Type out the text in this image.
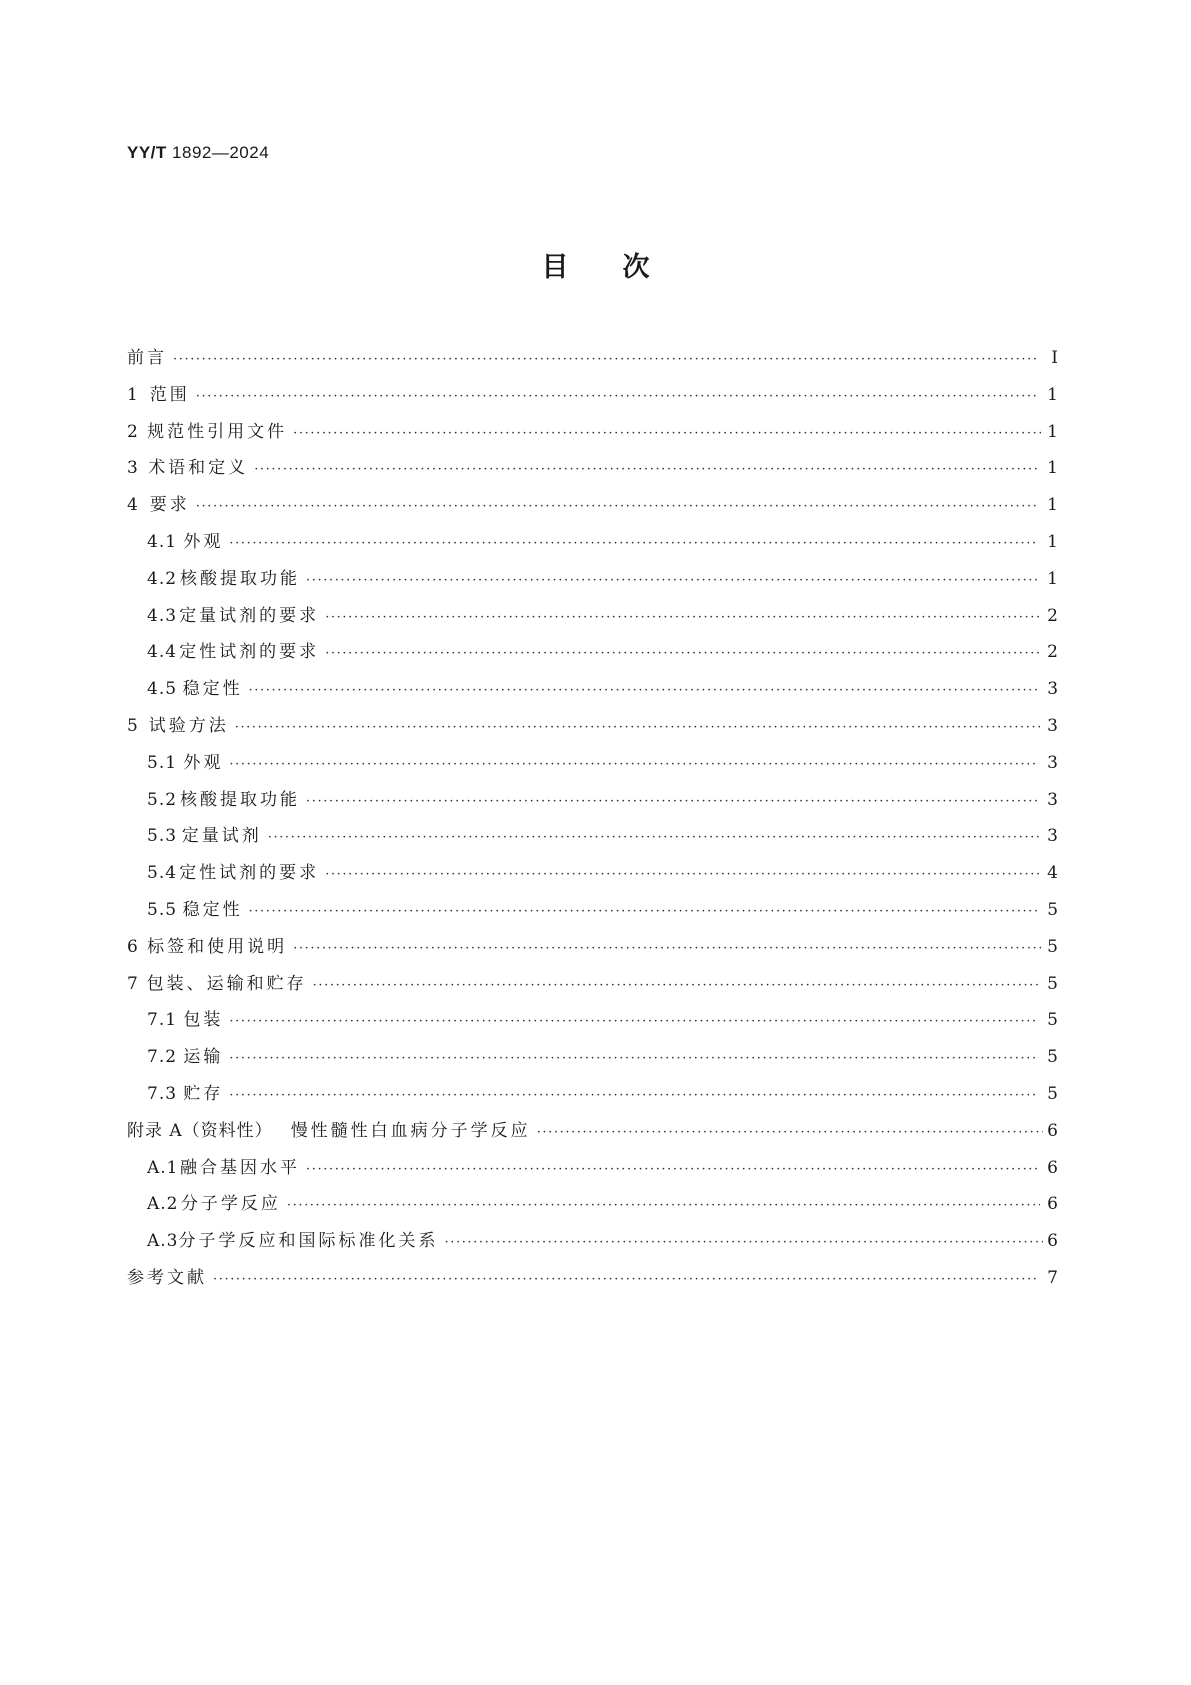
YY/T 1892—2024
目次
前言 ·····	I
1 范围 ·····	1
2 规范性引用文件 ·····	1
3 术语和定义 ·····	1
4 要求 ·····	1
4.1 外观 ·····	1
4.2 核酸提取功能 ·····	1
4.3 定量试剂的要求 ·····	2
4.4 定性试剂的要求 ·····	2
4.5 稳定性 ·····	3
5 试验方法 ·····	3
5.1 外观 ·····	3
5.2 核酸提取功能 ·····	3
5.3 定量试剂 ·····	3
5.4 定性试剂的要求 ·····	4
5.5 稳定性 ·····	5
6 标签和使用说明 ·····	5
7 包装、运输和贮存 ·····	5
7.1 包装 ·····	5
7.2 运输 ·····	5
7.3 贮存 ·····	5
附录 A（资料性） 慢性髓性白血病分子学反应 ·····	6
A.1 融合基因水平 ·····	6
A.2 分子学反应 ·····	6
A.3 分子学反应和国际标准化关系 ·····	6
参考文献 ·····	7
